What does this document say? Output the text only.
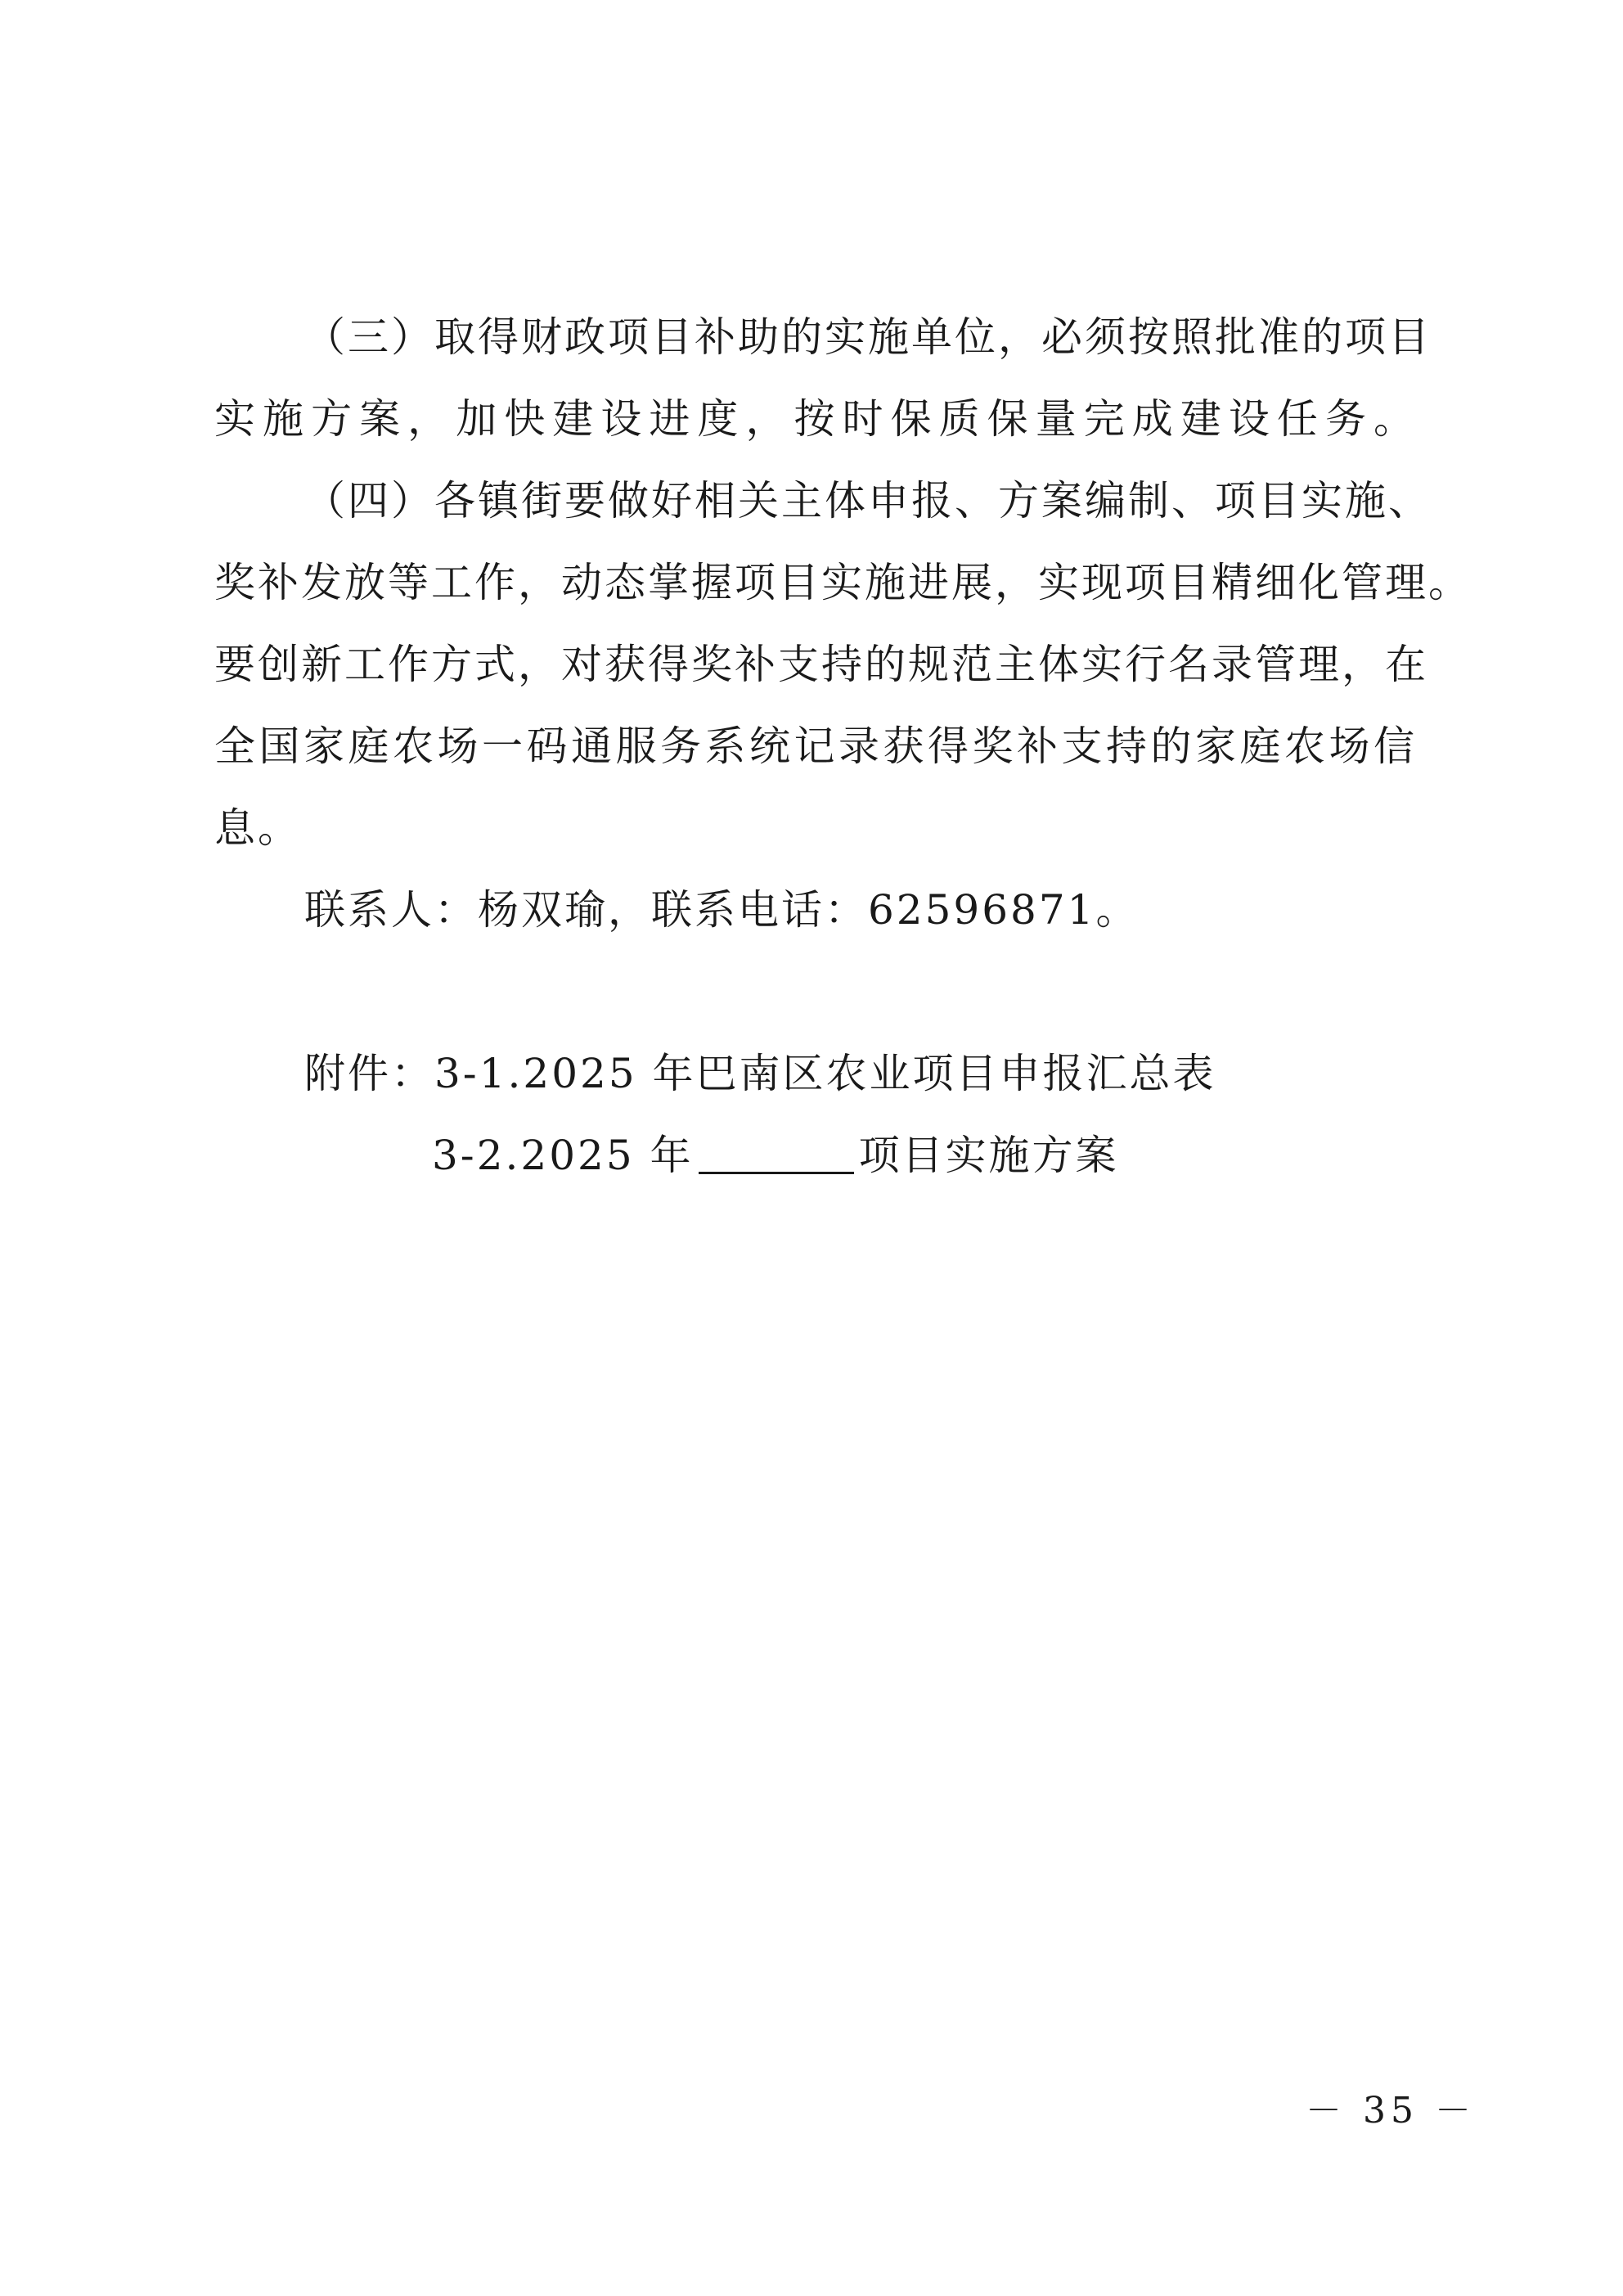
（三）取得财政项目补助的实施单位，必须按照批准的项目
实施方案，加快建设进度，按时保质保量完成建设任务。
（四）各镇街要做好相关主体申报、方案编制、项目实施、
奖补发放等工作，动态掌握项目实施进展，实现项目精细化管理。
要创新工作方式，对获得奖补支持的规范主体实行名录管理，在
全国家庭农场一码通服务系统记录获得奖补支持的家庭农场信
息。
联系人：杨双瑜，联系电话：62596871。
附件：3-1.2025 年巴南区农业项目申报汇总表
3-2.2025 年	项目实施方案
－ 35 －
